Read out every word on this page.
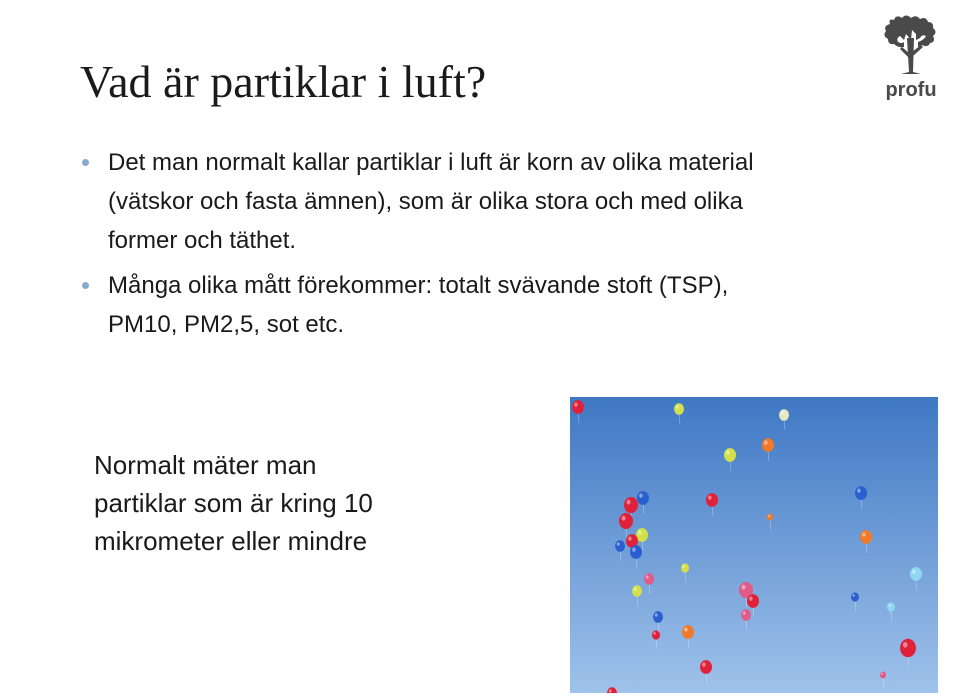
Vad är partiklar i luft?	profu
Det man normalt kallar partiklar i luft är korn av olika material
(vätskor och fasta ämnen), som är olika stora och med olika
former och täthet.
Många olika mått förekommer: totalt svävande stoft (TSP),
PM10, PM2,5, sot etc.
Normalt mäter man
partiklar som är kring 10
mikrometer eller mindre
